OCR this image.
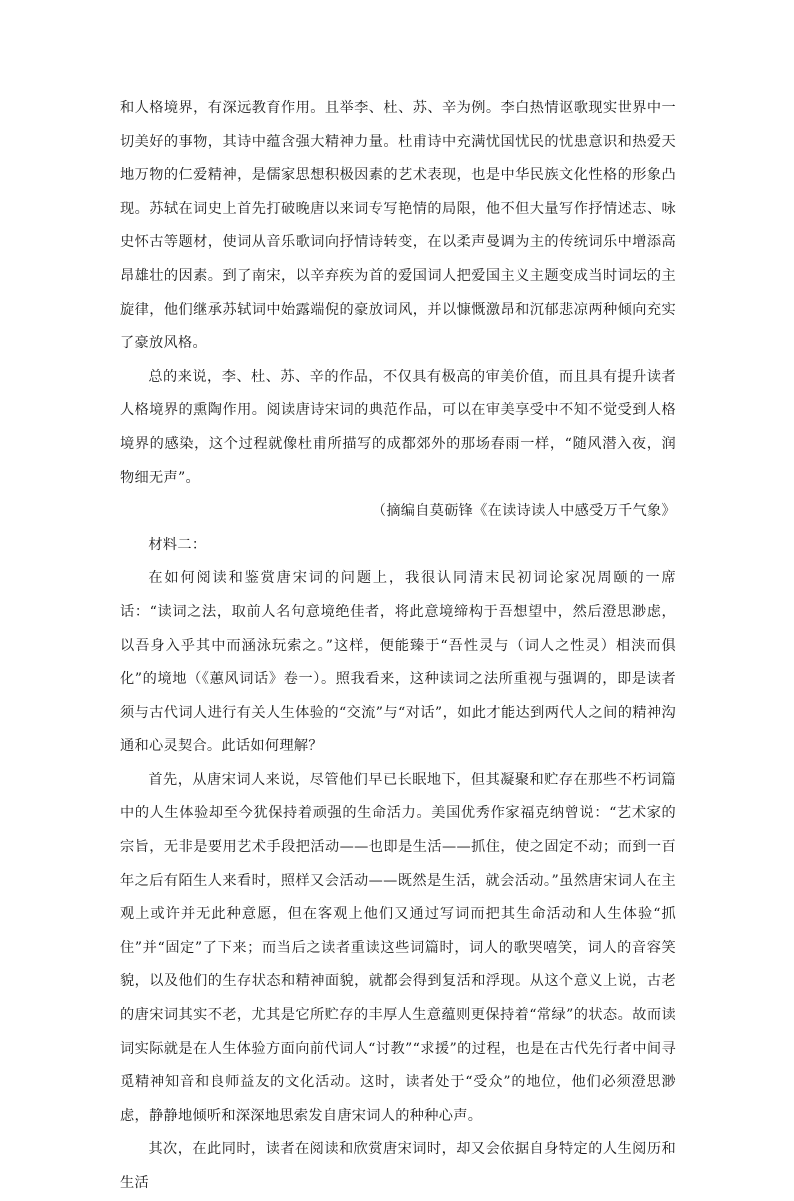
和人格境界，有深远教育作用。且举李、杜、苏、辛为例。李白热情讴歌现实世界中一切美好的事物，其诗中蕴含强大精神力量。杜甫诗中充满忧国忧民的忧患意识和热爱天地万物的仁爱精神，是儒家思想积极因素的艺术表现，也是中华民族文化性格的形象凸现。苏轼在词史上首先打破晚唐以来词专写艳情的局限，他不但大量写作抒情述志、咏史怀古等题材，使词从音乐歌词向抒情诗转变，在以柔声曼调为主的传统词乐中增添高昂雄壮的因素。到了南宋，以辛弃疾为首的爱国词人把爱国主义主题变成当时词坛的主旋律，他们继承苏轼词中始露端倪的豪放词风，并以慷慨激昂和沉郁悲凉两种倾向充实了豪放风格。

总的来说，李、杜、苏、辛的作品，不仅具有极高的审美价值，而且具有提升读者人格境界的熏陶作用。阅读唐诗宋词的典范作品，可以在审美享受中不知不觉受到人格境界的感染，这个过程就像杜甫所描写的成都郊外的那场春雨一样，“随风潜入夜，润物细无声”。

（摘编自莫砺锋《在读诗读人中感受万千气象》

材料二：

在如何阅读和鉴赏唐宋词的问题上，我很认同清末民初词论家况周颐的一席话：“读词之法，取前人名句意境绝佳者，将此意境缔构于吾想望中，然后澄思渺虑，以吾身入乎其中而涵泳玩索之。”这样，便能臻于“吾性灵与（词人之性灵）相浃而俱化”的境地（《蕙风词话》卷一）。照我看来，这种读词之法所重视与强调的，即是读者须与古代词人进行有关人生体验的“交流”与“对话”，如此才能达到两代人之间的精神沟通和心灵契合。此话如何理解？

首先，从唐宋词人来说，尽管他们早已长眠地下，但其凝聚和贮存在那些不朽词篇中的人生体验却至今犹保持着顽强的生命活力。美国优秀作家福克纳曾说：“艺术家的宗旨，无非是要用艺术手段把活动——也即是生活——抓住，使之固定不动；而到一百年之后有陌生人来看时，照样又会活动——既然是生活，就会活动。”虽然唐宋词人在主观上或许并无此种意愿，但在客观上他们又通过写词而把其生命活动和人生体验“抓住”并“固定”了下来；而当后之读者重读这些词篇时，词人的歌哭嘻笑，词人的音容笑貌，以及他们的生存状态和精神面貌，就都会得到复活和浮现。从这个意义上说，古老的唐宋词其实不老，尤其是它所贮存的丰厚人生意蕴则更保持着“常绿”的状态。故而读词实际就是在人生体验方面向前代词人“讨教”“求援”的过程，也是在古代先行者中间寻觅精神知音和良师益友的文化活动。这时，读者处于“受众”的地位，他们必须澄思渺虑，静静地倾听和深深地思索发自唐宋词人的种种心声。

其次，在此同时，读者在阅读和欣赏唐宋词时，却又会依据自身特定的人生阅历和生活
